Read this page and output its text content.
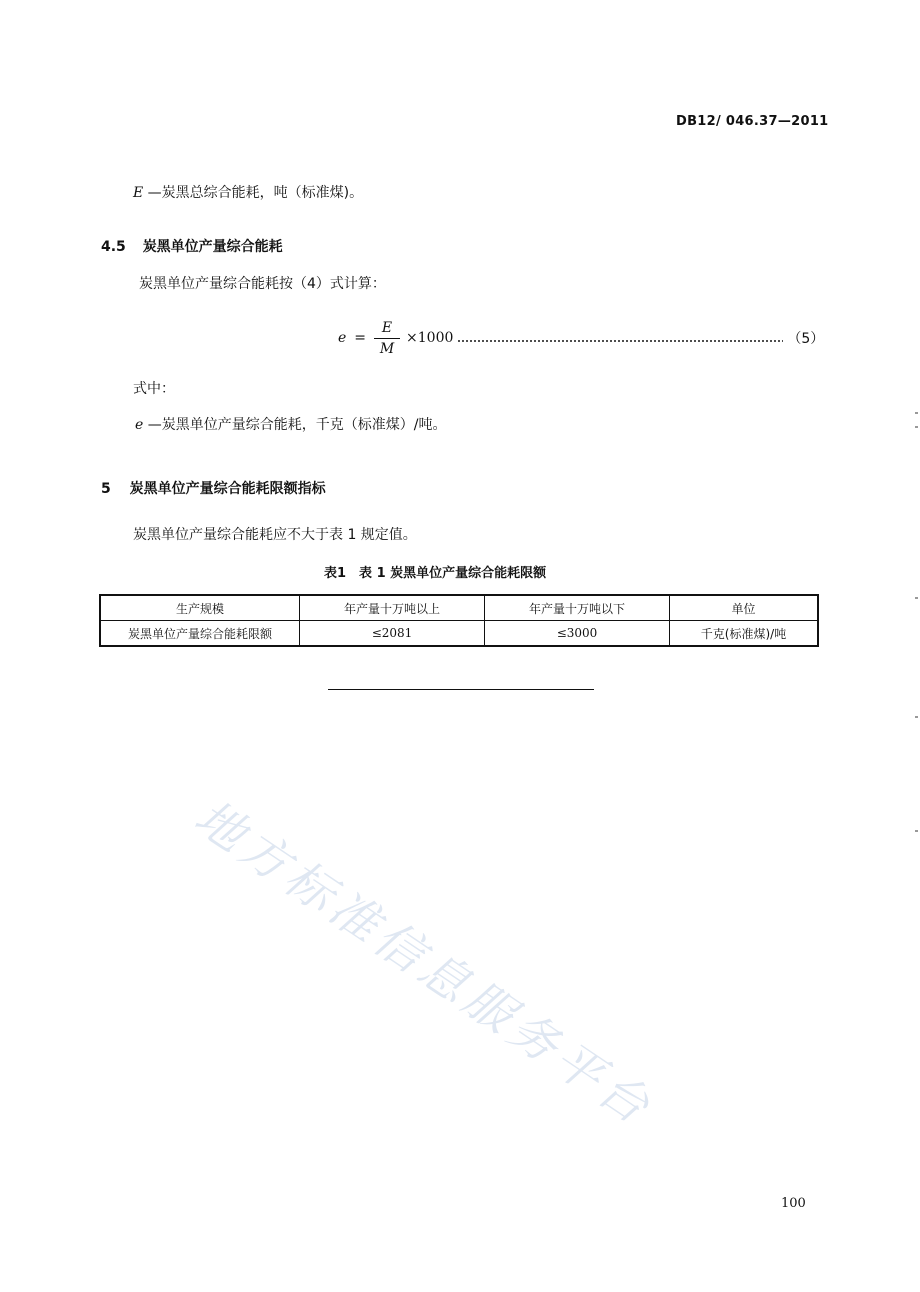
DB12/ 046.37—2011
E —炭黑总综合能耗，吨（标准煤)。
4.5 炭黑单位产量综合能耗
炭黑单位产量综合能耗按（4）式计算：
$e = \frac{E}{M} \times 1000$	（5）
式中：
e —炭黑单位产量综合能耗，千克（标准煤）/吨。
5 炭黑单位产量综合能耗限额指标
炭黑单位产量综合能耗应不大于表 1 规定值。
表1　表 1 炭黑单位产量综合能耗限额
生产规模	年产量十万吨以上	年产量十万吨以下	单位
炭黑单位产量综合能耗限额	≤2081	≤3000	千克(标准煤)/吨
地方标准信息服务平台
100
